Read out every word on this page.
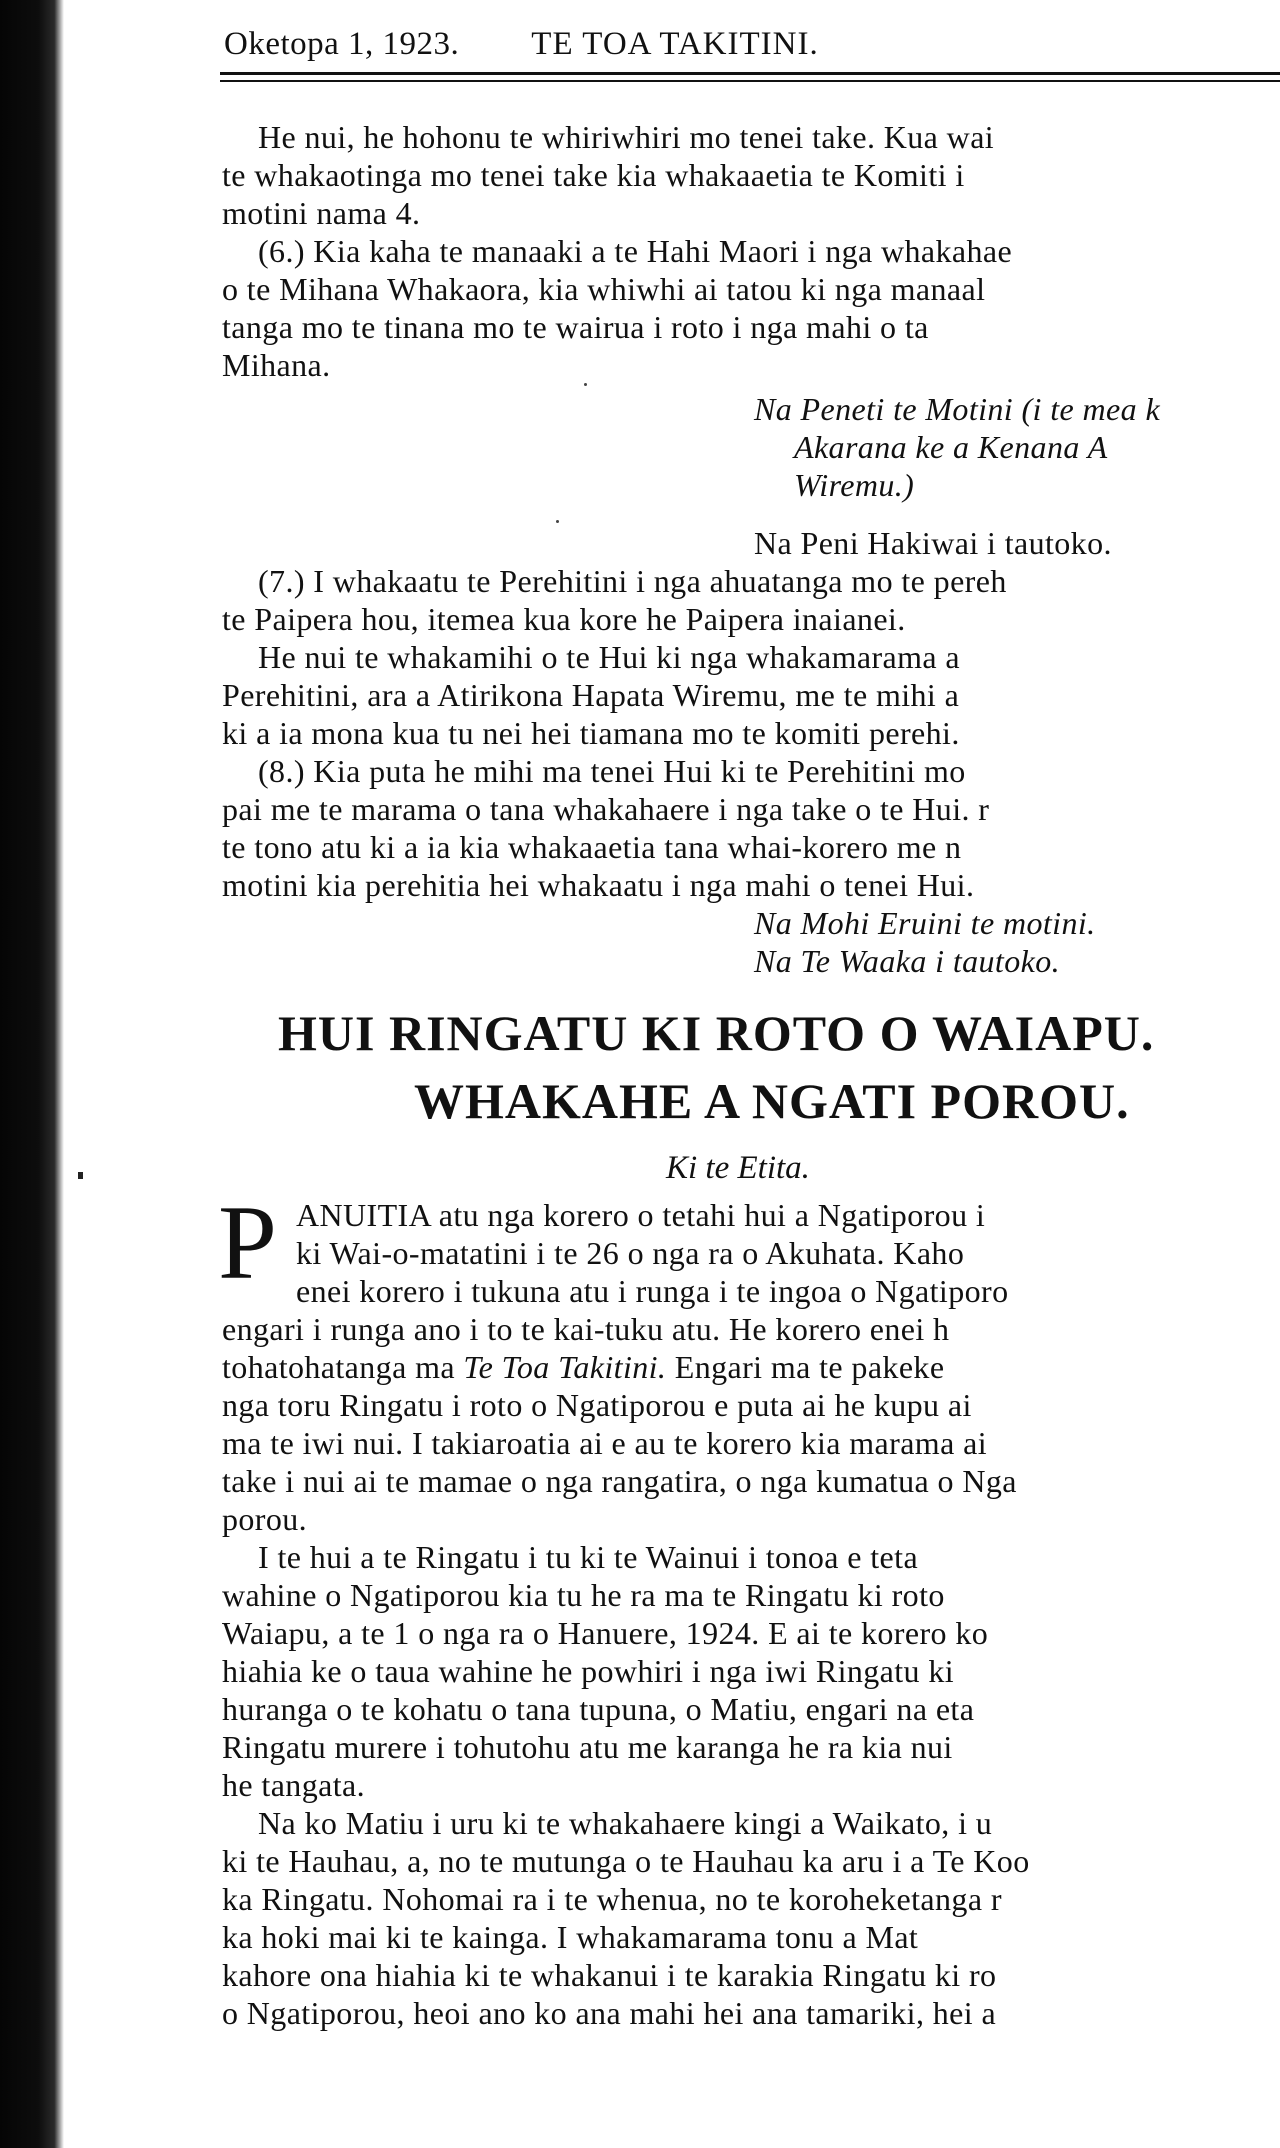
Oketopa 1, 1923. TE TOA TAKITINI.
He nui, he hohonu te whiriwhiri mo tenei take. Kua wai
te whakaotinga mo tenei take kia whakaaetia te Komiti i
motini nama 4.
(6.) Kia kaha te manaaki a te Hahi Maori i nga whakahae
o te Mihana Whakaora, kia whiwhi ai tatou ki nga manaal
tanga mo te tinana mo te wairua i roto i nga mahi o ta
Mihana.
Na Peneti te Motini (i te mea k
Akarana ke a Kenana A
Wiremu.)
Na Peni Hakiwai i tautoko.
(7.) I whakaatu te Perehitini i nga ahuatanga mo te pereh
te Paipera hou, itemea kua kore he Paipera inaianei.
He nui te whakamihi o te Hui ki nga whakamarama a
Perehitini, ara a Atirikona Hapata Wiremu, me te mihi a
ki a ia mona kua tu nei hei tiamana mo te komiti perehi.
(8.) Kia puta he mihi ma tenei Hui ki te Perehitini mo
pai me te marama o tana whakahaere i nga take o te Hui. r
te tono atu ki a ia kia whakaaetia tana whai-korero me n
motini kia perehitia hei whakaatu i nga mahi o tenei Hui.
Na Mohi Eruini te motini.
Na Te Waaka i tautoko.
HUI RINGATU KI ROTO O WAIAPU.
WHAKAHE A NGATI POROU.
Ki te Etita.
P ANUITIA atu nga korero o tetahi hui a Ngatiporou i
ki Wai-o-matatini i te 26 o nga ra o Akuhata. Kaho
enei korero i tukuna atu i runga i te ingoa o Ngatiporo
engari i runga ano i to te kai-tuku atu. He korero enei h
tohatohatanga ma Te Toa Takitini. Engari ma te pakeke
nga toru Ringatu i roto o Ngatiporou e puta ai he kupu ai
ma te iwi nui. I takiaroatia ai e au te korero kia marama ai
take i nui ai te mamae o nga rangatira, o nga kumatua o Nga
porou.
I te hui a te Ringatu i tu ki te Wainui i tonoa e teta
wahine o Ngatiporou kia tu he ra ma te Ringatu ki roto
Waiapu, a te 1 o nga ra o Hanuere, 1924. E ai te korero ko
hiahia ke o taua wahine he powhiri i nga iwi Ringatu ki
huranga o te kohatu o tana tupuna, o Matiu, engari na eta
Ringatu murere i tohutohu atu me karanga he ra kia nui
he tangata.
Na ko Matiu i uru ki te whakahaere kingi a Waikato, i u
ki te Hauhau, a, no te mutunga o te Hauhau ka aru i a Te Koo
ka Ringatu. Nohomai ra i te whenua, no te koroheketanga r
ka hoki mai ki te kainga. I whakamarama tonu a Mat
kahore ona hiahia ki te whakanui i te karakia Ringatu ki ro
o Ngatiporou, heoi ano ko ana mahi hei ana tamariki, hei a
